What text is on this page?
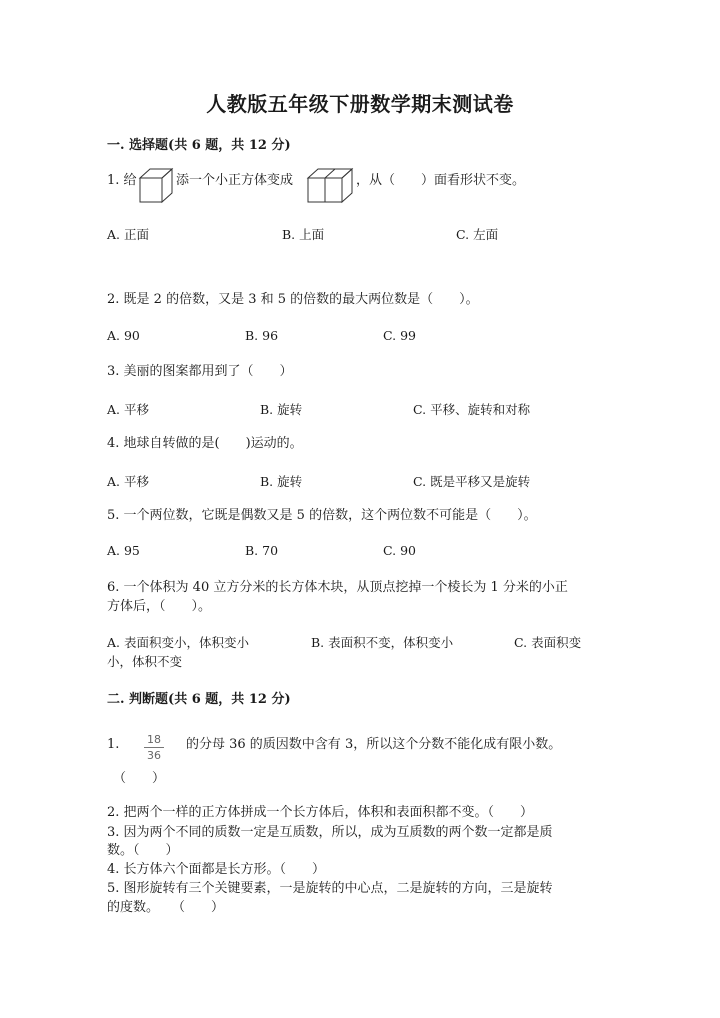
人教版五年级下册数学期末测试卷
一. 选择题(共 6 题，共 12 分)
1. 给	添一个小正方体变成	，从（　　）面看形状不变。
A. 正面	B. 上面	C. 左面
2. 既是 2 的倍数，又是 3 和 5 的倍数的最大两位数是（　　）。
A. 90	B. 96	C. 99
3. 美丽的图案都用到了（　　）
A. 平移	B. 旋转	C. 平移、旋转和对称
4. 地球自转做的是(　　)运动的。
A. 平移	B. 旋转	C. 既是平移又是旋转
5. 一个两位数，它既是偶数又是 5 的倍数，这个两位数不可能是（　　）。
A. 95	B. 70	C. 90
6. 一个体积为 40 立方分米的长方体木块，从顶点挖掉一个棱长为 1 分米的小正
方体后，（　　）。
A. 表面积变小，体积变小	B. 表面积不变，体积变小	C. 表面积变
小，体积不变
二. 判断题(共 6 题，共 12 分)
1.	18
36
的分母 36 的质因数中含有 3，所以这个分数不能化成有限小数。
（　　）
2. 把两个一样的正方体拼成一个长方体后，体积和表面积都不变。（　　）
3. 因为两个不同的质数一定是互质数，所以，成为互质数的两个数一定都是质
数。（　　）
4. 长方体六个面都是长方形。（　　）
5. 图形旋转有三个关键要素，一是旋转的中心点，二是旋转的方向，三是旋转
的度数。　　（　　）
